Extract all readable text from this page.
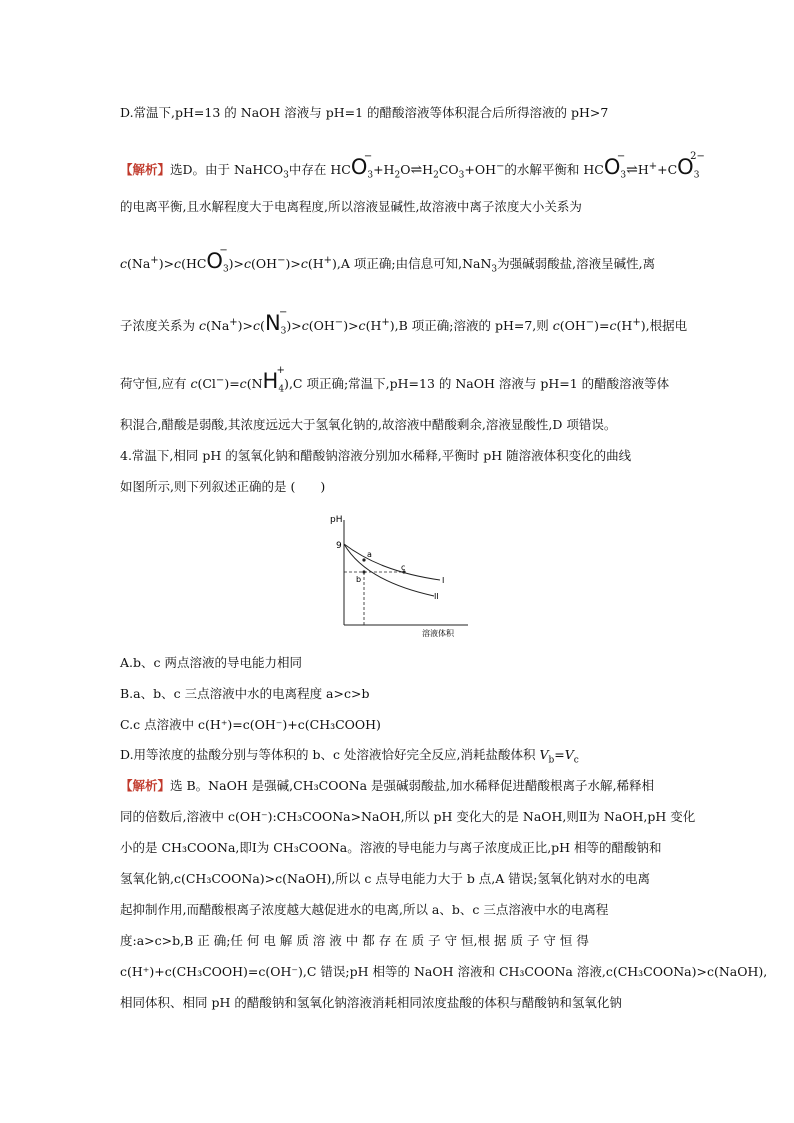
D.常温下,pH=13 的 NaOH 溶液与 pH=1 的醋酸溶液等体积混合后所得溶液的 pH>7
【解析】选D。由于 NaHCO$_3$中存在 $HCO_3$
−
$+H_2O\rightleftharpoons H_2CO_3+OH^-$的水解平衡和 $HCO_3$
−
$\rightleftharpoons H^++CO_3$
2−
的电离平衡,且水解程度大于电离程度,所以溶液显碱性,故溶液中离子浓度大小关系为
$c(Na^+)>c(HCO_3$
−
)>c(OH−)>c(H+),A 项正确;由信息可知,NaN$_3$为强碱弱酸盐,溶液呈碱性,离
子浓度关系为 $c(Na^+)>c(N_3$
−
)>c(OH−)>c(H+),B 项正确;溶液的 pH=7,则 c(OH−)=c(H+),根据电
荷守恒,应有 $c(Cl^-)=c(NH_4$
+
),C 项正确;常温下,pH=13 的 NaOH 溶液与 pH=1 的醋酸溶液等体
积混合,醋酸是弱酸,其浓度远远大于氢氧化钠的,故溶液中醋酸剩余,溶液显酸性,D 项错误。
4.常温下,相同 pH 的氢氧化钠和醋酸钠溶液分别加水稀释,平衡时 pH 随溶液体积变化的曲线
如图所示,则下列叙述正确的是 (　　)
pH
9
a
b
c
I
II
溶液体积
A.b、c 两点溶液的导电能力相同
B.a、b、c 三点溶液中水的电离程度 a>c>b
C.c 点溶液中 c(H⁺)=c(OH⁻)+c(CH₃COOH)
D.用等浓度的盐酸分别与等体积的 b、c 处溶液恰好完全反应,消耗盐酸体积 $V_b=V_c$
【解析】选 B。NaOH 是强碱,CH₃COONa 是强碱弱酸盐,加水稀释促进醋酸根离子水解,稀释相
同的倍数后,溶液中 c(OH⁻):CH₃COONa>NaOH,所以 pH 变化大的是 NaOH,则Ⅱ为 NaOH,pH 变化
小的是 CH₃COONa,即Ⅰ为 CH₃COONa。溶液的导电能力与离子浓度成正比,pH 相等的醋酸钠和
氢氧化钠,c(CH₃COONa)>c(NaOH),所以 c 点导电能力大于 b 点,A 错误;氢氧化钠对水的电离
起抑制作用,而醋酸根离子浓度越大越促进水的电离,所以 a、b、c 三点溶液中水的电离程
度:a>c>b,B 正 确;任 何 电 解 质 溶 液 中 都 存 在 质 子 守 恒,根 据 质 子 守 恒 得
c(H⁺)+c(CH₃COOH)=c(OH⁻),C 错误;pH 相等的 NaOH 溶液和 CH₃COONa 溶液,c(CH₃COONa)>c(NaOH),
相同体积、相同 pH 的醋酸钠和氢氧化钠溶液消耗相同浓度盐酸的体积与醋酸钠和氢氧化钠
